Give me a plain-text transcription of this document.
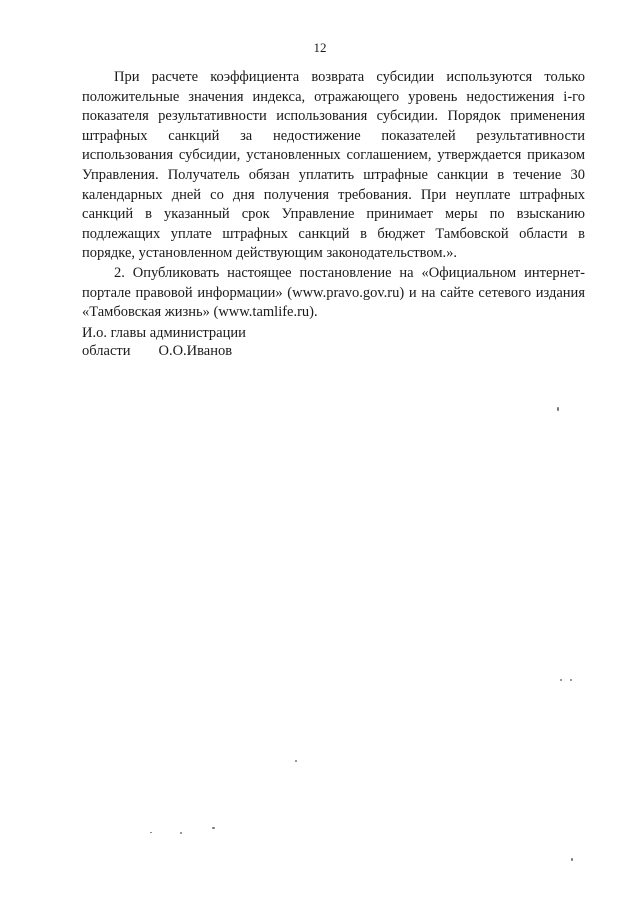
12

При расчете коэффициента возврата субсидии используются только положительные значения индекса, отражающего уровень недостижения i-го показателя результативности использования субсидии. Порядок применения штрафных санкций за недостижение показателей результативности использования субсидии, установленных соглашением, утверждается приказом Управления. Получатель обязан уплатить штрафные санкции в течение 30 календарных дней со дня получения требования. При неуплате штрафных санкций в указанный срок Управление принимает меры по взысканию подлежащих уплате штрафных санкций в бюджет Тамбовской области в порядке, установленном действующим законодательством.».

2. Опубликовать настоящее постановление на «Официальном интернет-портале правовой информации» (www.pravo.gov.ru) и на сайте сетевого издания «Тамбовская жизнь» (www.tamlife.ru).

И.о. главы администрации
области О.О.Иванов
